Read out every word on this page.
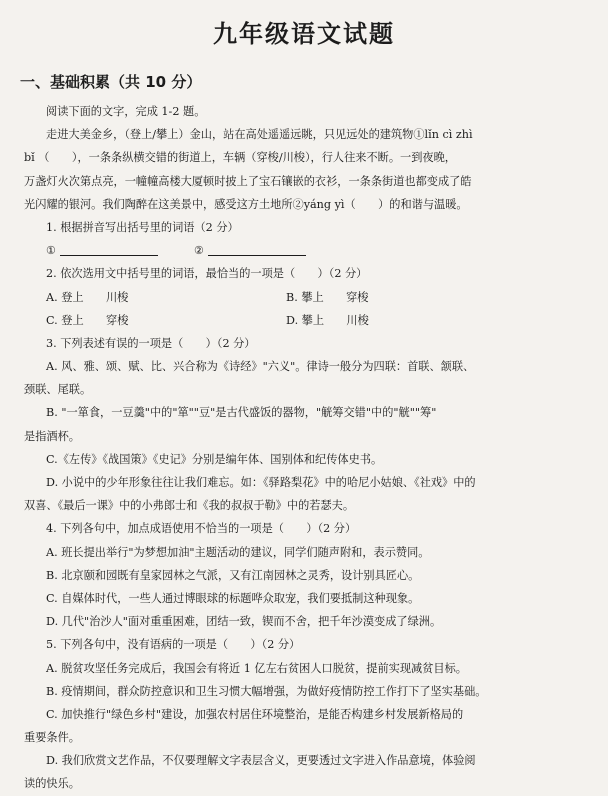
九年级语文试题
一、基础积累（共 10 分）
阅读下面的文字，完成 1-2 题。
走进大美金乡，（登上/攀上）金山，站在高处遥遥远眺，只见远处的建筑物①lǐn cì zhì
bǐ （　　），一条条纵横交错的街道上，车辆（穿梭/川梭），行人往来不断。一到夜晚，
万盏灯火次第点亮，一幢幢高楼大厦顿时披上了宝石镶嵌的衣衫，一条条街道也都变成了皓
光闪耀的银河。我们陶醉在这美景中，感受这方土地所②yáng yì（　　）的和谐与温暖。
1. 根据拼音写出括号里的词语（2 分）
①	②
2. 依次选用文中括号里的词语，最恰当的一项是（　　）（2 分）
A. 登上　　川梭	B. 攀上　　穿梭
C. 登上　　穿梭	D. 攀上　　川梭
3. 下列表述有误的一项是（　　）（2 分）
A. 风、雅、颂、赋、比、兴合称为《诗经》"六义"。律诗一般分为四联：首联、颔联、
颈联、尾联。
B. "一箪食，一豆羹"中的"箪""豆"是古代盛饭的器物，"觥筹交错"中的"觥""筹"
是指酒杯。
C.《左传》《战国策》《史记》分别是编年体、国别体和纪传体史书。
D. 小说中的少年形象往往让我们难忘。如：《驿路梨花》中的哈尼小姑娘、《社戏》中的
双喜、《最后一课》中的小弗郎士和《我的叔叔于勒》中的若瑟夫。
4. 下列各句中，加点成语使用不恰当的一项是（　　）（2 分）
A. 班长提出举行"为梦想加油"主题活动的建议，同学们随声附和，表示赞同。
B. 北京颐和园既有皇家园林之气派，又有江南园林之灵秀，设计别具匠心。
C. 自媒体时代，一些人通过博眼球的标题哗众取宠，我们要抵制这种现象。
D. 几代"治沙人"面对重重困难，团结一致，锲而不舍，把千年沙漠变成了绿洲。
5. 下列各句中，没有语病的一项是（　　）（2 分）
A. 脱贫攻坚任务完成后，我国会有将近 1 亿左右贫困人口脱贫，提前实现减贫目标。
B. 疫情期间，群众防控意识和卫生习惯大幅增强，为做好疫情防控工作打下了坚实基础。
C. 加快推行"绿色乡村"建设，加强农村居住环境整治，是能否构建乡村发展新格局的
重要条件。
D. 我们欣赏文艺作品，不仅要理解文字表层含义，更要透过文字进入作品意境，体验阅
读的快乐。
